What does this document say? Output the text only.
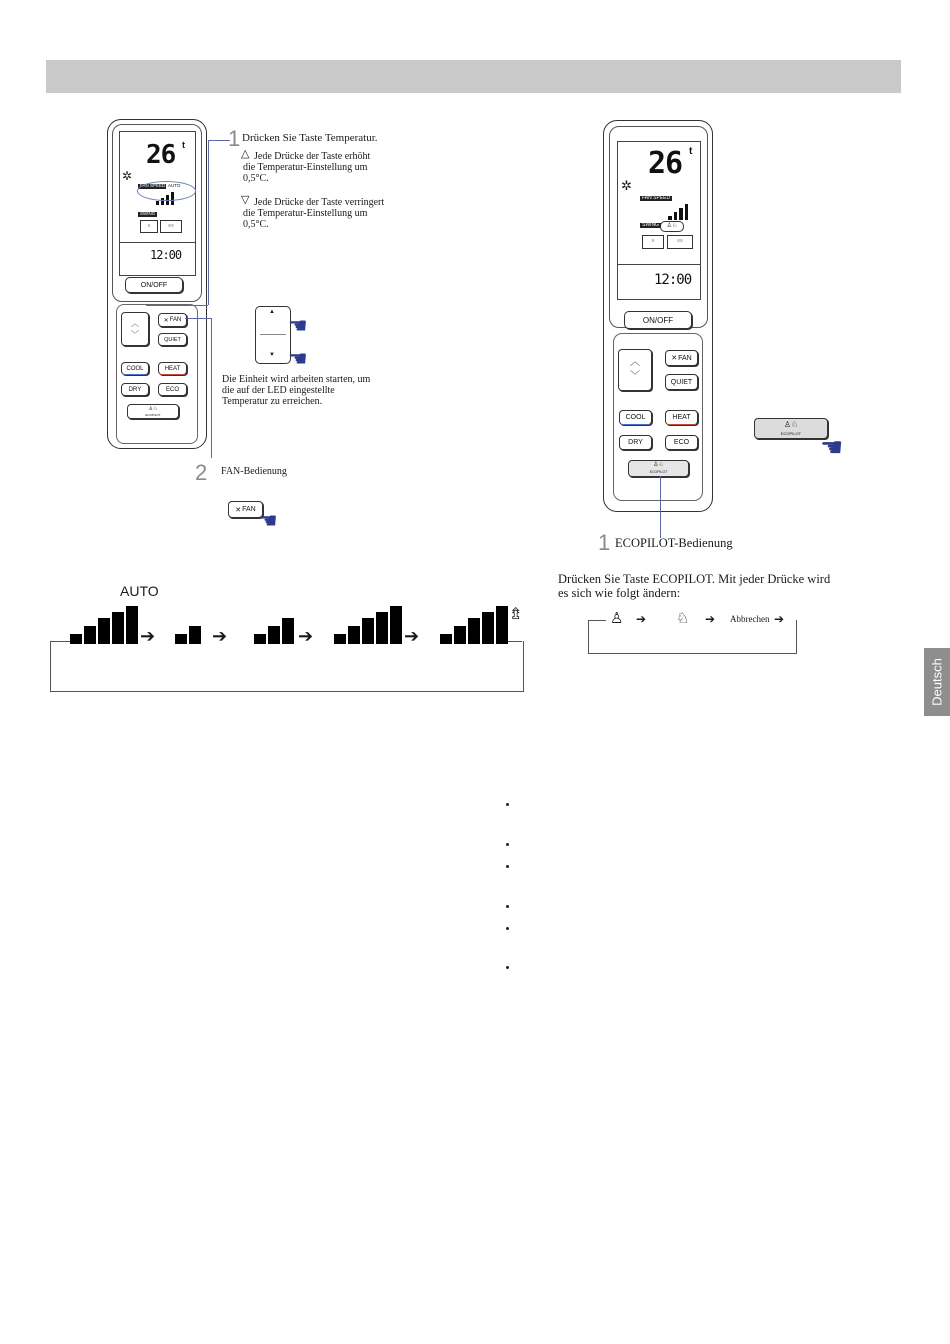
Deutsch
26 t
✲
FAN SPEED AUTO
SWING
≡	≡≡
12:00
ON/OFF
︿
﹀
✕ FAN
QUIET
COOL	HEAT
DRY	ECO
♙♘
ECOPILOT
1 Drücken Sie Taste Temperatur.
△ Jede Drücke der Taste erhöht die Temperatur-Einstellung um 0,5°C.
▽ Jede Drücke der Taste verringert die Temperatur-Einstellung um 0,5°C.
▲
▼
☚
☚
Die Einheit wird arbeiten starten, um die auf der LED eingestellte Temperatur zu erreichen.
2 FAN-Bedienung
✕ FAN ☚
AUTO
➔	➔	➔	➔
⇯
26 t
✲
FAN SPEED
SWING	♙♘
≡	≡≡
12:00
ON/OFF
︿
﹀
✕ FAN
QUIET
COOL	HEAT
DRY	ECO
♙♘
ECOPILOT
1 ECOPILOT-Bedienung
♙♘
ECOPILOT ☚
Drücken Sie Taste ECOPILOT. Mit jeder Drücke wird es sich wie folgt ändern:
♙ ➔ ♘ ➔ Abbrechen ➔
